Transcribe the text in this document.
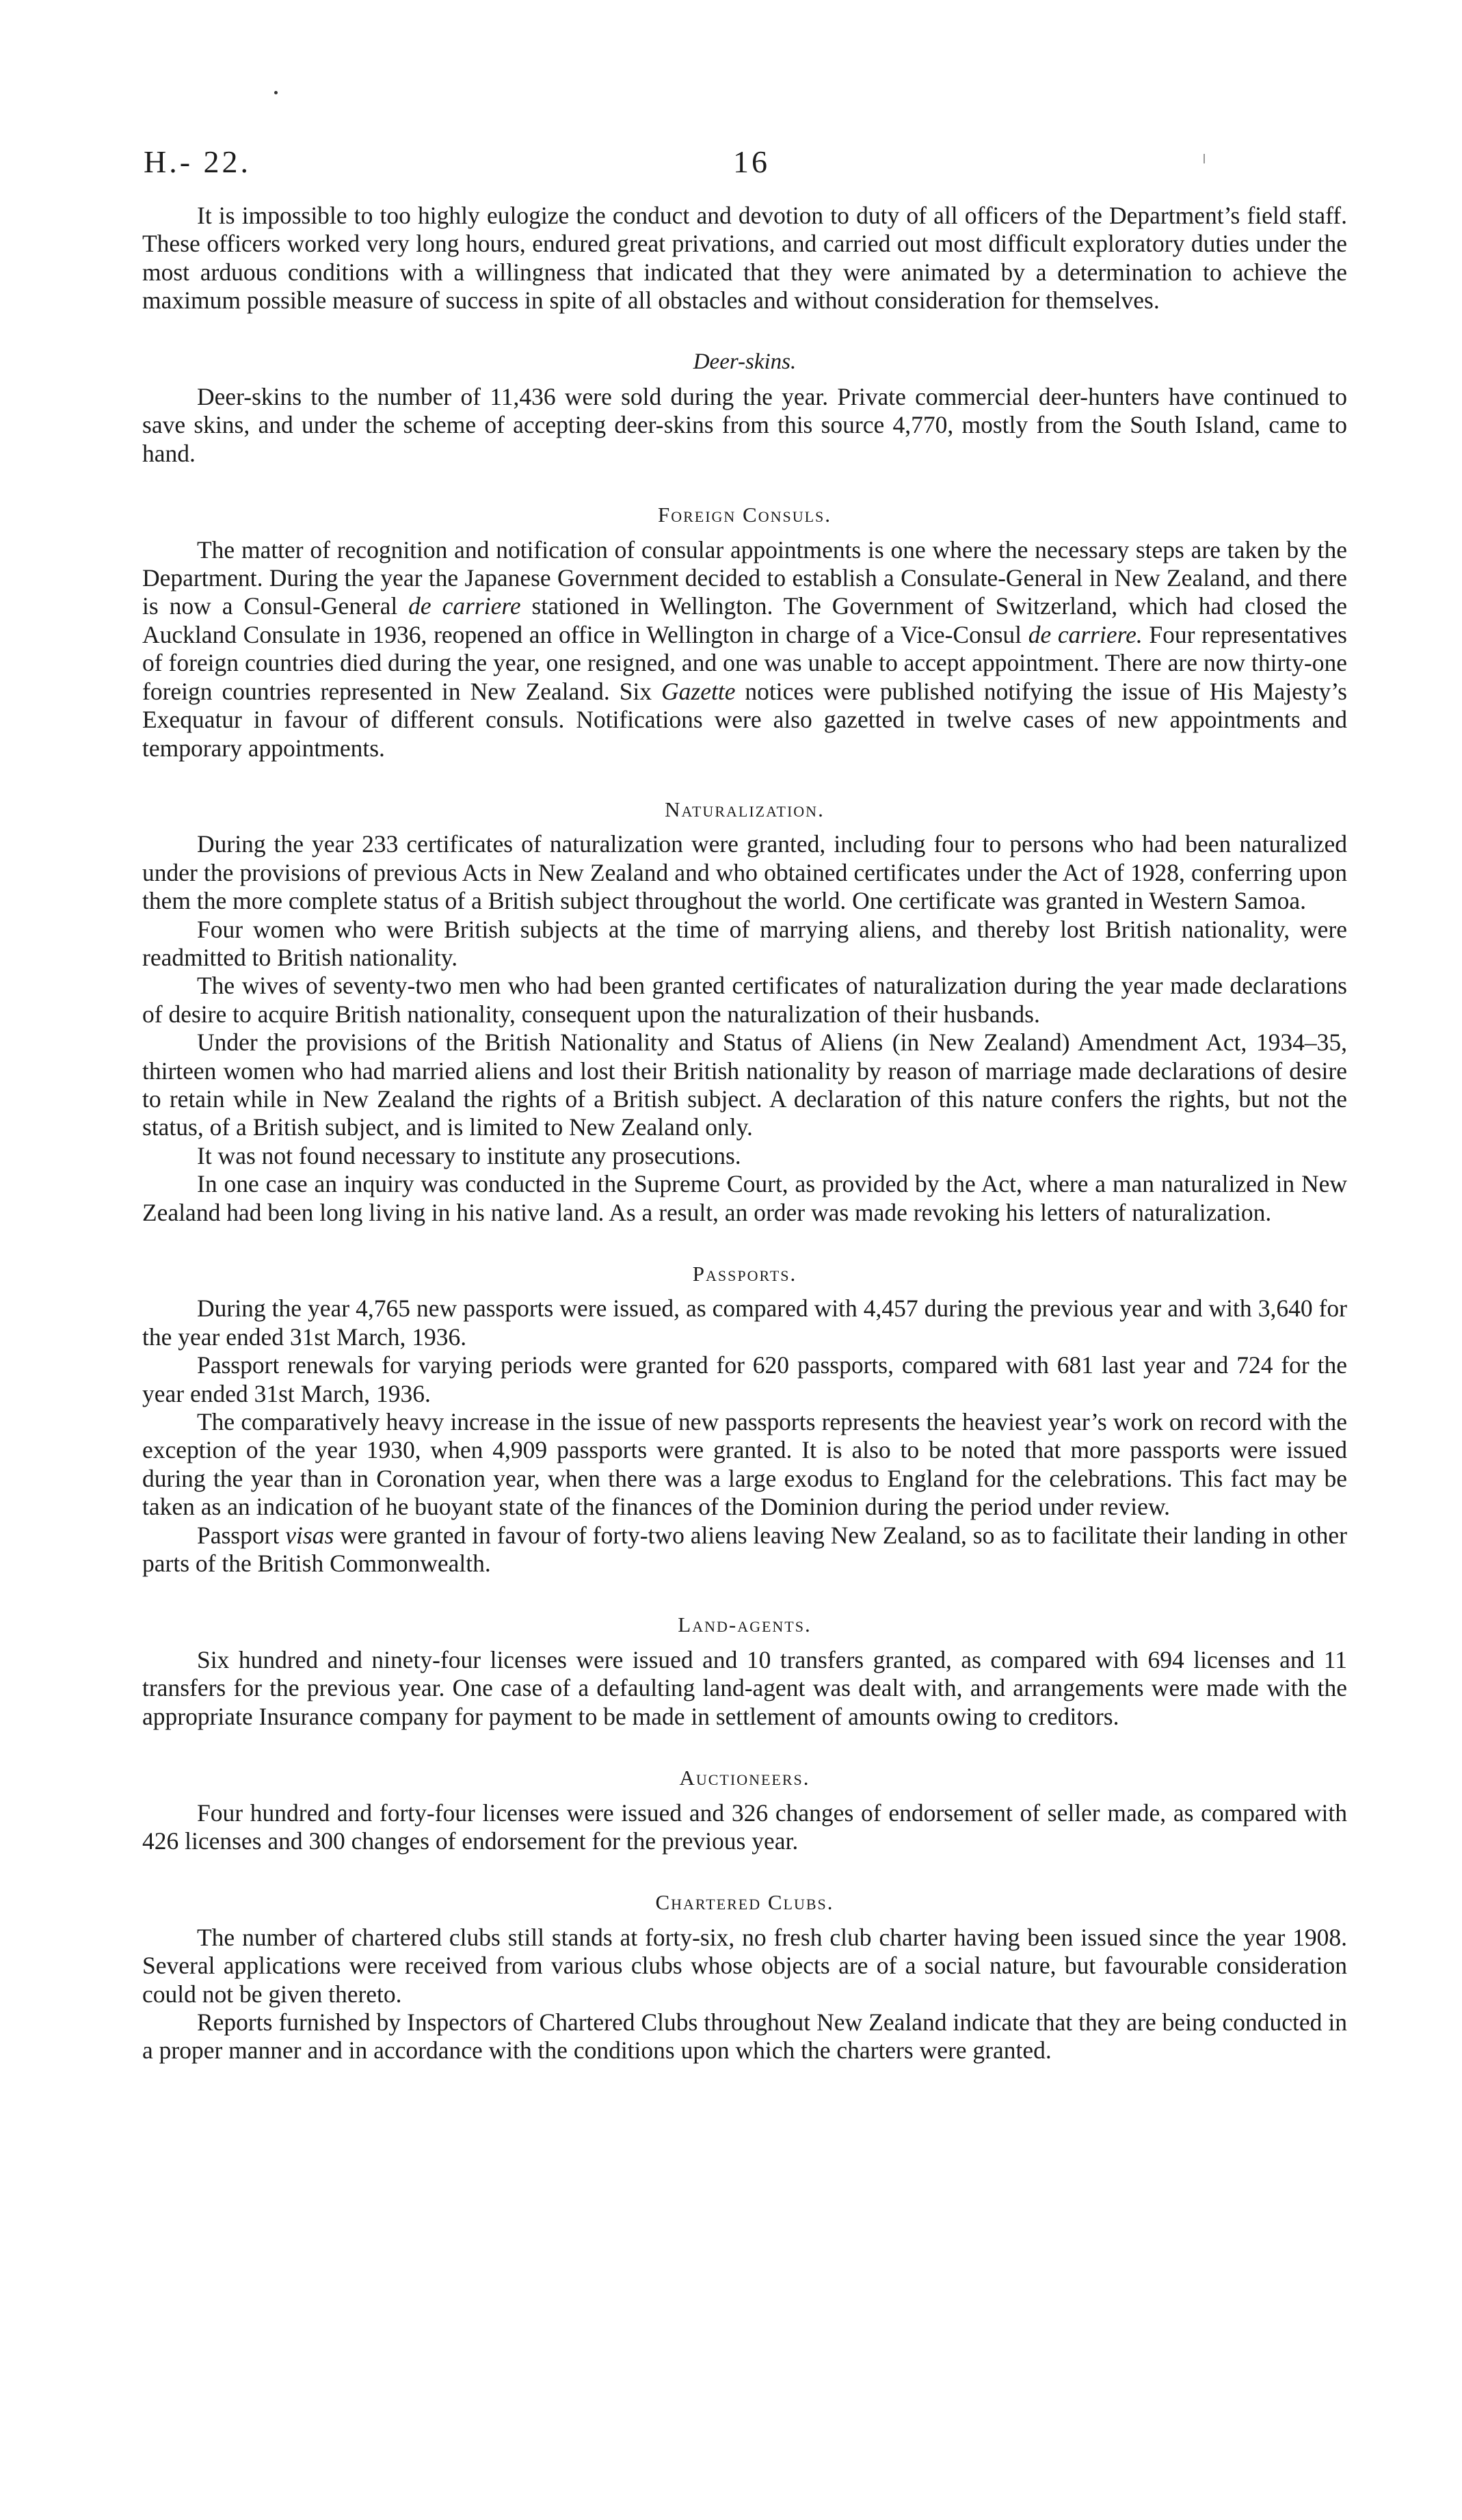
H.- 22.	16

It is impossible to too highly eulogize the conduct and devotion to duty of all officers of the Department’s field staff. These officers worked very long hours, endured great privations, and carried out most difficult exploratory duties under the most arduous conditions with a willingness that indicated that they were animated by a determination to achieve the maximum possible measure of success in spite of all obstacles and without consideration for themselves.

Deer-skins.

Deer-skins to the number of 11,436 were sold during the year. Private commercial deer-hunters have continued to save skins, and under the scheme of accepting deer-skins from this source 4,770, mostly from the South Island, came to hand.

Foreign Consuls.

The matter of recognition and notification of consular appointments is one where the necessary steps are taken by the Department. During the year the Japanese Government decided to establish a Consulate-General in New Zealand, and there is now a Consul-General de carriere stationed in Wellington. The Government of Switzerland, which had closed the Auckland Consulate in 1936, reopened an office in Wellington in charge of a Vice-Consul de carriere. Four representatives of foreign countries died during the year, one resigned, and one was unable to accept appointment. There are now thirty-one foreign countries represented in New Zealand. Six Gazette notices were published notifying the issue of His Majesty’s Exequatur in favour of different consuls. Notifications were also gazetted in twelve cases of new appointments and temporary appointments.

Naturalization.

During the year 233 certificates of naturalization were granted, including four to persons who had been naturalized under the provisions of previous Acts in New Zealand and who obtained certificates under the Act of 1928, conferring upon them the more complete status of a British subject throughout the world. One certificate was granted in Western Samoa.

Four women who were British subjects at the time of marrying aliens, and thereby lost British nationality, were readmitted to British nationality.

The wives of seventy-two men who had been granted certificates of naturalization during the year made declarations of desire to acquire British nationality, consequent upon the naturalization of their husbands.

Under the provisions of the British Nationality and Status of Aliens (in New Zealand) Amendment Act, 1934–35, thirteen women who had married aliens and lost their British nationality by reason of marriage made declarations of desire to retain while in New Zealand the rights of a British subject. A declaration of this nature confers the rights, but not the status, of a British subject, and is limited to New Zealand only.

It was not found necessary to institute any prosecutions.

In one case an inquiry was conducted in the Supreme Court, as provided by the Act, where a man naturalized in New Zealand had been long living in his native land. As a result, an order was made revoking his letters of naturalization.

Passports.

During the year 4,765 new passports were issued, as compared with 4,457 during the previous year and with 3,640 for the year ended 31st March, 1936.

Passport renewals for varying periods were granted for 620 passports, compared with 681 last year and 724 for the year ended 31st March, 1936.

The comparatively heavy increase in the issue of new passports represents the heaviest year’s work on record with the exception of the year 1930, when 4,909 passports were granted. It is also to be noted that more passports were issued during the year than in Coronation year, when there was a large exodus to England for the celebrations. This fact may be taken as an indication of he buoyant state of the finances of the Dominion during the period under review.

Passport visas were granted in favour of forty-two aliens leaving New Zealand, so as to facilitate their landing in other parts of the British Commonwealth.

Land-agents.

Six hundred and ninety-four licenses were issued and 10 transfers granted, as compared with 694 licenses and 11 transfers for the previous year. One case of a defaulting land-agent was dealt with, and arrangements were made with the appropriate Insurance company for payment to be made in settlement of amounts owing to creditors.

Auctioneers.

Four hundred and forty-four licenses were issued and 326 changes of endorsement of seller made, as compared with 426 licenses and 300 changes of endorsement for the previous year.

Chartered Clubs.

The number of chartered clubs still stands at forty-six, no fresh club charter having been issued since the year 1908. Several applications were received from various clubs whose objects are of a social nature, but favourable consideration could not be given thereto.

Reports furnished by Inspectors of Chartered Clubs throughout New Zealand indicate that they are being conducted in a proper manner and in accordance with the conditions upon which the charters were granted.
